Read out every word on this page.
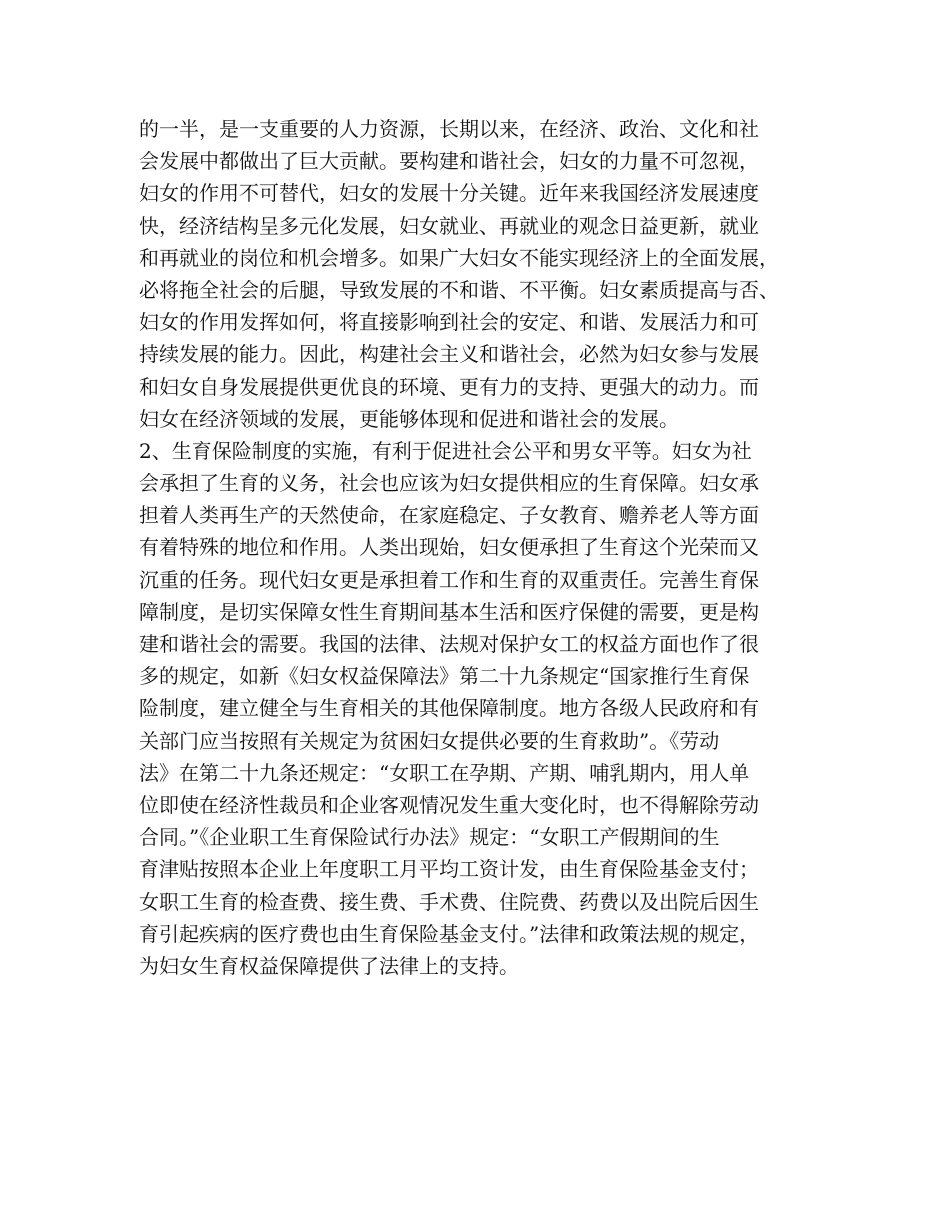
的一半，是一支重要的人力资源，长期以来，在经济、政治、文化和社
会发展中都做出了巨大贡献。要构建和谐社会，妇女的力量不可忽视，
妇女的作用不可替代，妇女的发展十分关键。近年来我国经济发展速度
快，经济结构呈多元化发展，妇女就业、再就业的观念日益更新，就业
和再就业的岗位和机会增多。如果广大妇女不能实现经济上的全面发展，
必将拖全社会的后腿，导致发展的不和谐、不平衡。妇女素质提高与否、
妇女的作用发挥如何，将直接影响到社会的安定、和谐、发展活力和可
持续发展的能力。因此，构建社会主义和谐社会，必然为妇女参与发展
和妇女自身发展提供更优良的环境、更有力的支持、更强大的动力。而
妇女在经济领域的发展，更能够体现和促进和谐社会的发展。
2、生育保险制度的实施，有利于促进社会公平和男女平等。妇女为社
会承担了生育的义务，社会也应该为妇女提供相应的生育保障。妇女承
担着人类再生产的天然使命，在家庭稳定、子女教育、赡养老人等方面
有着特殊的地位和作用。人类出现始，妇女便承担了生育这个光荣而又
沉重的任务。现代妇女更是承担着工作和生育的双重责任。完善生育保
障制度，是切实保障女性生育期间基本生活和医疗保健的需要，更是构
建和谐社会的需要。我国的法律、法规对保护女工的权益方面也作了很
多的规定，如新《妇女权益保障法》第二十九条规定“国家推行生育保
险制度，建立健全与生育相关的其他保障制度。地方各级人民政府和有
关部门应当按照有关规定为贫困妇女提供必要的生育救助”。《劳动
法》在第二十九条还规定：“女职工在孕期、产期、哺乳期内，用人单
位即使在经济性裁员和企业客观情况发生重大变化时，也不得解除劳动
合同。”《企业职工生育保险试行办法》规定：“女职工产假期间的生
育津贴按照本企业上年度职工月平均工资计发，由生育保险基金支付；
女职工生育的检查费、接生费、手术费、住院费、药费以及出院后因生
育引起疾病的医疗费也由生育保险基金支付。”法律和政策法规的规定，
为妇女生育权益保障提供了法律上的支持。
